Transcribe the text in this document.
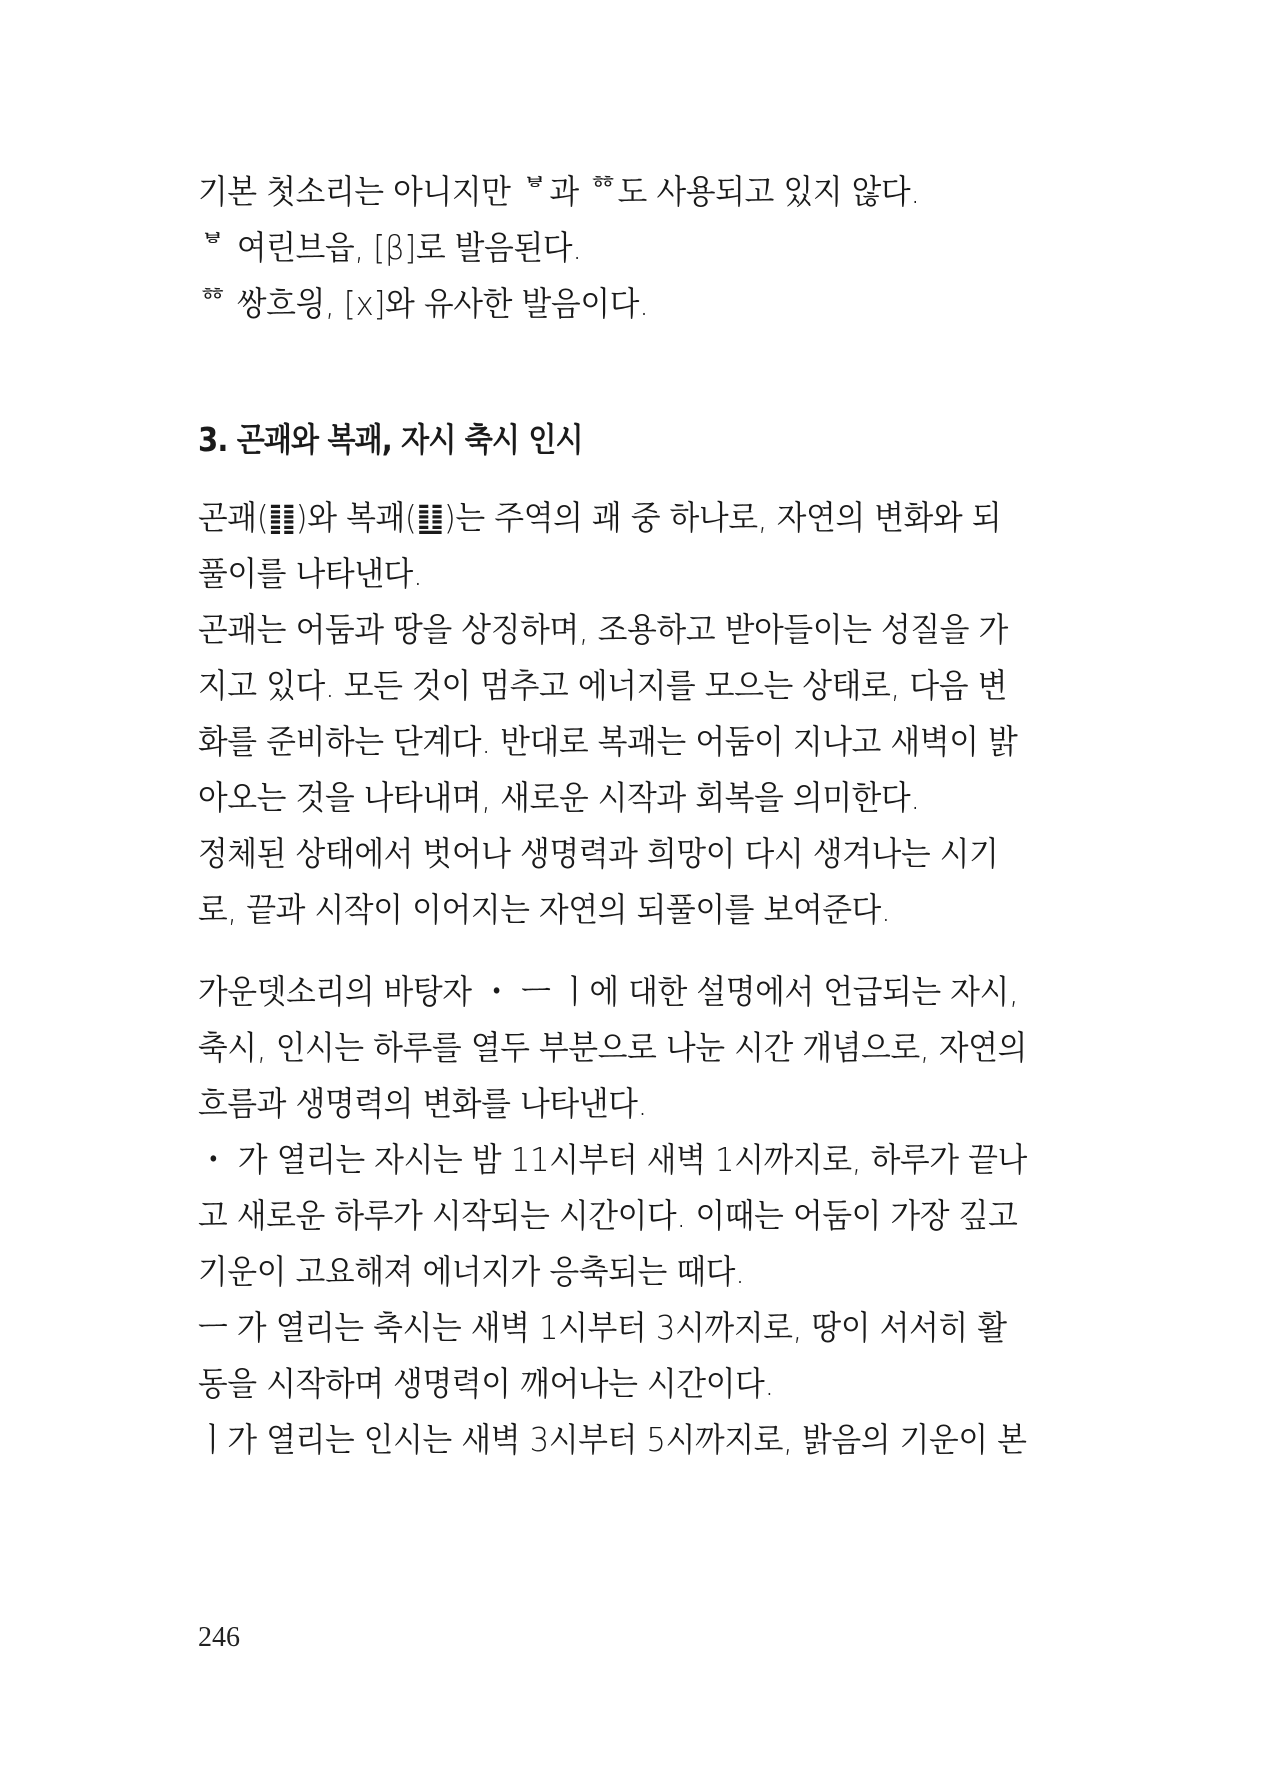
기본 첫소리는 아니지만 ᄫ과 ᅘ도 사용되고 있지 않다.
ᄫ 여린브읍, [β]로 발음된다.
ᅘ 쌍흐읭, [x]와 유사한 발음이다.
3. 곤괘와 복괘, 자시 축시 인시
곤괘(䷁)와 복괘(䷗)는 주역의 괘 중 하나로, 자연의 변화와 되
풀이를 나타낸다.
곤괘는 어둠과 땅을 상징하며, 조용하고 받아들이는 성질을 가
지고 있다. 모든 것이 멈추고 에너지를 모으는 상태로, 다음 변
화를 준비하는 단계다. 반대로 복괘는 어둠이 지나고 새벽이 밝
아오는 것을 나타내며, 새로운 시작과 회복을 의미한다.
정체된 상태에서 벗어나 생명력과 희망이 다시 생겨나는 시기
로, 끝과 시작이 이어지는 자연의 되풀이를 보여준다.
가운뎃소리의 바탕자 ・ ㅡ ㅣ에 대한 설명에서 언급되는 자시,
축시, 인시는 하루를 열두 부분으로 나눈 시간 개념으로, 자연의
흐름과 생명력의 변화를 나타낸다.
・ 가 열리는 자시는 밤 11시부터 새벽 1시까지로, 하루가 끝나
고 새로운 하루가 시작되는 시간이다. 이때는 어둠이 가장 깊고
기운이 고요해져 에너지가 응축되는 때다.
ㅡ 가 열리는 축시는 새벽 1시부터 3시까지로, 땅이 서서히 활
동을 시작하며 생명력이 깨어나는 시간이다.
ㅣ가 열리는 인시는 새벽 3시부터 5시까지로, 밝음의 기운이 본
246
